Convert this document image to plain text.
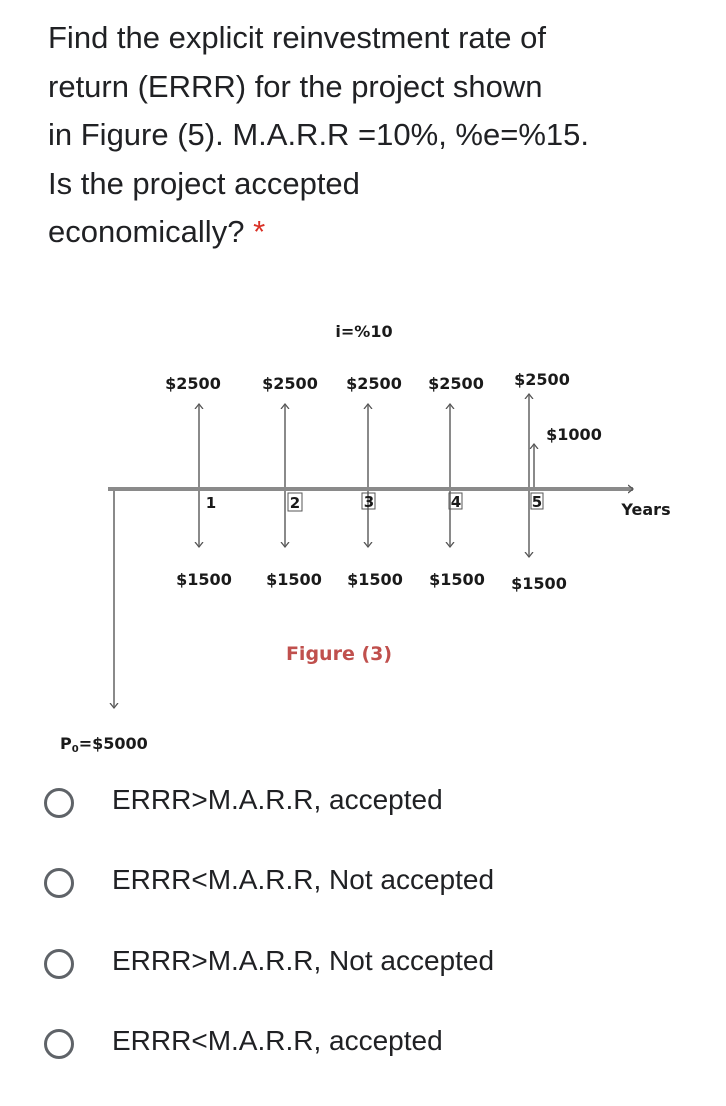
Find the explicit reinvestment rate of
return (ERRR) for the project shown
in Figure (5). M.A.R.R =10%, %e=%15.
Is the project accepted
economically? *
i=%10
Years
P0=$5000
$2500
$1500
1
$2500
$1500
2
$2500
$1500
3
$2500
$1500
4
$2500
$1000
$1500
5
Figure (3)
ERRR>M.A.R.R, accepted
ERRR<M.A.R.R, Not accepted
ERRR>M.A.R.R, Not accepted
ERRR<M.A.R.R, accepted
